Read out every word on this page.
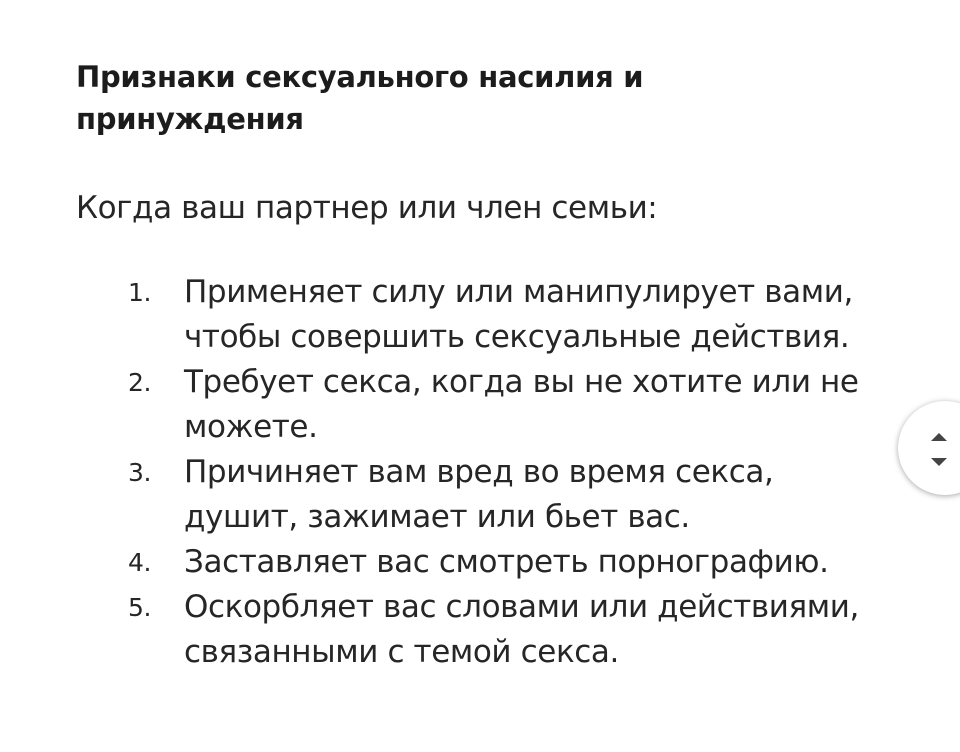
Признаки сексуального насилия и принуждения
Когда ваш партнер или член семьи:
1. Применяет силу или манипулирует вами, чтобы совершить сексуальные действия.
2. Требует секса, когда вы не хотите или не можете.
3. Причиняет вам вред во время секса, душит, зажимает или бьет вас.
4. Заставляет вас смотреть порнографию.
5. Оскорбляет вас словами или действиями, связанными с темой секса.
